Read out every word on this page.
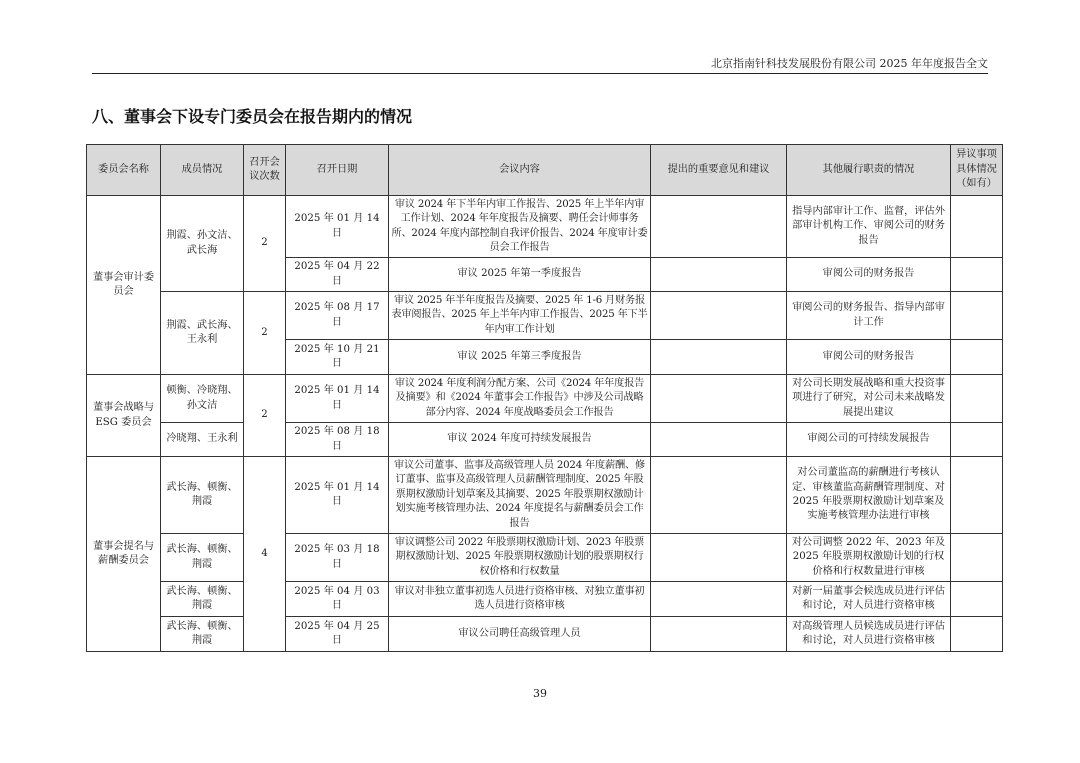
北京指南针科技发展股份有限公司 2025 年年度报告全文
八、董事会下设专门委员会在报告期内的情况
委员会名称	成员情况	召开会议次数	召开日期	会议内容	提出的重要意见和建议	其他履行职责的情况	异议事项具体情况（如有）
董事会审计委员会	荆霞、孙文洁、武长海	2	2025 年 01 月 14 日	审议 2024 年下半年内审工作报告、2025 年上半年内审工作计划、2024 年年度报告及摘要、聘任会计师事务所、2024 年度内部控制自我评价报告、2024 年度审计委员会工作报告		指导内部审计工作、监督，评估外部审计机构工作、审阅公司的财务报告	
			2025 年 04 月 22 日	审议 2025 年第一季度报告		审阅公司的财务报告	
	荆霞、武长海、王永利	2	2025 年 08 月 17 日	审议 2025 年半年度报告及摘要、2025 年 1-6 月财务报表审阅报告、2025 年上半年内审工作报告、2025 年下半年内审工作计划		审阅公司的财务报告、指导内部审计工作	
			2025 年 10 月 21 日	审议 2025 年第三季度报告		审阅公司的财务报告	
董事会战略与ESG 委员会	顿衡、冷晓翔、孙文洁	2	2025 年 01 月 14 日	审议 2024 年度利润分配方案、公司《2024 年年度报告及摘要》和《2024 年董事会工作报告》中涉及公司战略部分内容、2024 年度战略委员会工作报告		对公司长期发展战略和重大投资事项进行了研究，对公司未来战略发展提出建议	
	冷晓翔、王永利		2025 年 08 月 18 日	审议 2024 年度可持续发展报告		审阅公司的可持续发展报告	
董事会提名与薪酬委员会	武长海、顿衡、荆霞	4	2025 年 01 月 14 日	审议公司董事、监事及高级管理人员 2024 年度薪酬、修订董事、监事及高级管理人员薪酬管理制度、2025 年股票期权激励计划草案及其摘要、2025 年股票期权激励计划实施考核管理办法、2024 年度提名与薪酬委员会工作报告		对公司董监高的薪酬进行考核认定、审核董监高薪酬管理制度、对 2025 年股票期权激励计划草案及实施考核管理办法进行审核	
	武长海、顿衡、荆霞		2025 年 03 月 18 日	审议调整公司 2022 年股票期权激励计划、2023 年股票期权激励计划、2025 年股票期权激励计划的股票期权行权价格和行权数量		对公司调整 2022 年、2023 年及 2025 年股票期权激励计划的行权价格和行权数量进行审核	
	武长海、顿衡、荆霞		2025 年 04 月 03 日	审议对非独立董事初选人员进行资格审核、对独立董事初选人员进行资格审核		对新一届董事会候选成员进行评估和讨论，对人员进行资格审核	
	武长海、顿衡、荆霞		2025 年 04 月 25 日	审议公司聘任高级管理人员		对高级管理人员候选成员进行评估和讨论，对人员进行资格审核	
39
